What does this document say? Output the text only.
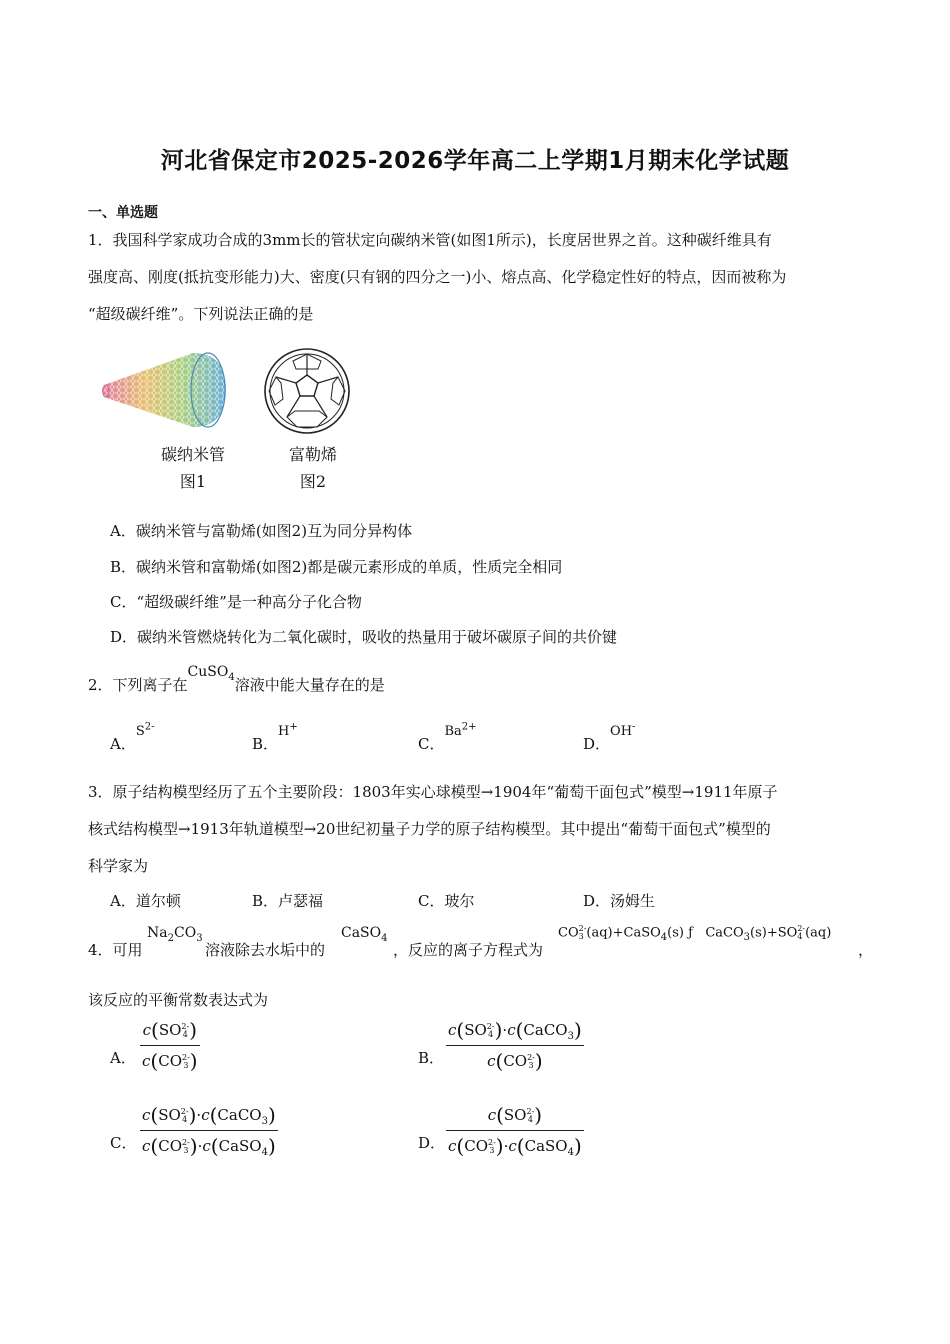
河北省保定市2025-2026学年高二上学期1月期末化学试题
一、单选题
1．我国科学家成功合成的3mm长的管状定向碳纳米管(如图1所示)，长度居世界之首。这种碳纤维具有
强度高、刚度(抵抗变形能力)大、密度(只有钢的四分之一)小、熔点高、化学稳定性好的特点，因而被称为
“超级碳纤维”。下列说法正确的是
碳纳米管
图1
富勒烯
图2
A．碳纳米管与富勒烯(如图2)互为同分异构体
B．碳纳米管和富勒烯(如图2)都是碳元素形成的单质，性质完全相同
C．“超级碳纤维”是一种高分子化合物
D．碳纳米管燃烧转化为二氧化碳时，吸收的热量用于破坏碳原子间的共价键
2．下列离子在CuSO$_4$溶液中能大量存在的是
A．$S^{2-}$
B．H+
C．$Ba^{2+}$
D．OH-
3．原子结构模型经历了五个主要阶段：1803年实心球模型→1904年“葡萄干面包式”模型→1911年原子
核式结构模型→1913年轨道模型→20世纪初量子力学的原子结构模型。其中提出“葡萄干面包式”模型的
科学家为
A．道尔顿	B．卢瑟福	C．玻尔	D．汤姆生
4．可用
$Na_2CO_3$
溶液除去水垢中的
CaSO$_4$
，反应的离子方程式为
CO 2-
3 (aq)+CaSO$_4$(s) ƒ CaCO$_3$(s)+SO 2-
4 (aq)
，
该反应的平衡常数表达式为
A．
c(SO 2-
4 )
c(CO 2-
3 )	B．
c(SO 2-
4 )·c(CaCO$_3$)
c(CO 2-
3 )
C．
c(SO 2-
4 )·c(CaCO$_3$)
c(CO 2-
3 )·c(CaSO$_4$)	D．
c(SO 2-
4 )
c(CO 2-
3 )·c(CaSO$_4$)
